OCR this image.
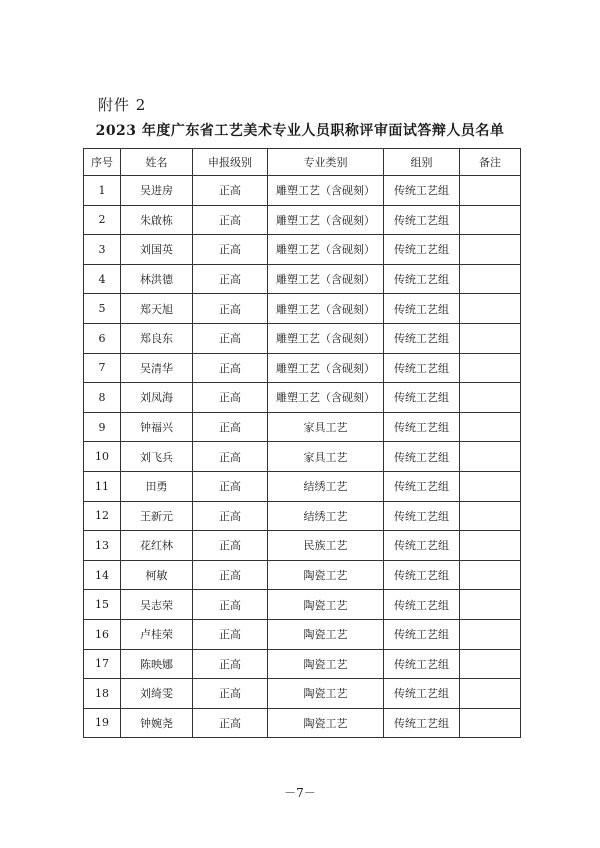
附件 2
2023 年度广东省工艺美术专业人员职称评审面试答辩人员名单
序号	姓名	申报级别	专业类别	组别	备注
1	吴进房	正高	雕塑工艺（含砚刻）	传统工艺组	
2	朱啟栋	正高	雕塑工艺（含砚刻）	传统工艺组	
3	刘国英	正高	雕塑工艺（含砚刻）	传统工艺组	
4	林洪德	正高	雕塑工艺（含砚刻）	传统工艺组	
5	郑天旭	正高	雕塑工艺（含砚刻）	传统工艺组	
6	郑良东	正高	雕塑工艺（含砚刻）	传统工艺组	
7	吴清华	正高	雕塑工艺（含砚刻）	传统工艺组	
8	刘凤海	正高	雕塑工艺（含砚刻）	传统工艺组	
9	钟福兴	正高	家具工艺	传统工艺组	
10	刘飞兵	正高	家具工艺	传统工艺组	
11	田勇	正高	结绣工艺	传统工艺组	
12	王新元	正高	结绣工艺	传统工艺组	
13	花红林	正高	民族工艺	传统工艺组	
14	柯敏	正高	陶瓷工艺	传统工艺组	
15	吴志荣	正高	陶瓷工艺	传统工艺组	
16	卢桂荣	正高	陶瓷工艺	传统工艺组	
17	陈映娜	正高	陶瓷工艺	传统工艺组	
18	刘绮雯	正高	陶瓷工艺	传统工艺组	
19	钟婉尧	正高	陶瓷工艺	传统工艺组	
－7－
